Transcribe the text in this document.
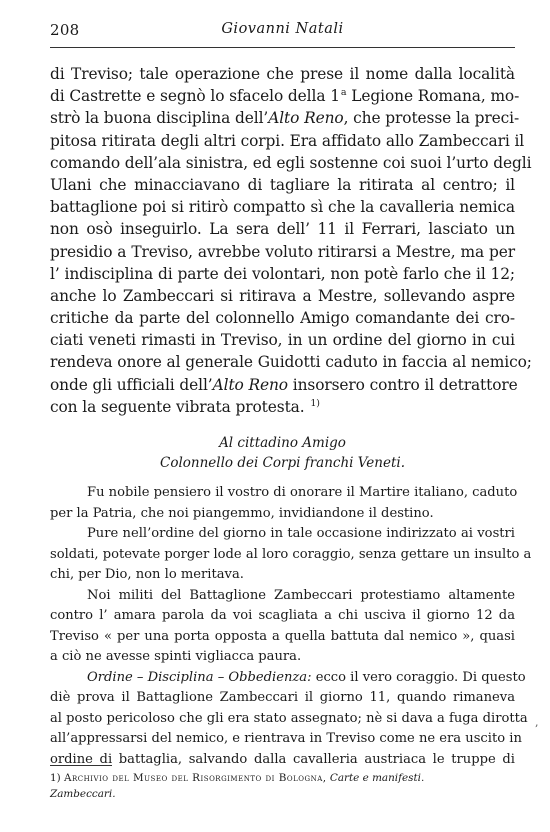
208	Giovanni Natali
di Treviso; tale operazione che prese il nome dalla località
di Castrette e segnò lo sfacelo della 1$^a$ Legione Romana, mo-
strò la buona disciplina dell’Alto Reno, che protesse la preci-
pitosa ritirata degli altri corpi. Era affidato allo Zambeccari il
comando dell’ala sinistra, ed egli sostenne coi suoi l’urto degli
Ulani che minacciavano di tagliare la ritirata al centro; il
battaglione poi si ritirò compatto sì che la cavalleria nemica
non osò inseguirlo. La sera dell’ 11 il Ferrari, lasciato un
presidio a Treviso, avrebbe voluto ritirarsi a Mestre, ma per
l’ indisciplina di parte dei volontari, non potè farlo che il 12;
anche lo Zambeccari si ritirava a Mestre, sollevando aspre
critiche da parte del colonnello Amigo comandante dei cro-
ciati veneti rimasti in Treviso, in un ordine del giorno in cui
rendeva onore al generale Guidotti caduto in faccia al nemico;
onde gli ufficiali dell’Alto Reno insorsero contro il detrattore
con la seguente vibrata protesta. $^{1)}$
Al cittadino Amigo
Colonnello dei Corpi franchi Veneti.
Fu nobile pensiero il vostro di onorare il Martire italiano, caduto
per la Patria, che noi piangemmo, invidiandone il destino.
Pure nell’ordine del giorno in tale occasione indirizzato ai vostri
soldati, potevate porger lode al loro coraggio, senza gettare un insulto a
chi, per Dio, non lo meritava.
Noi militi del Battaglione Zambeccari protestiamo altamente
contro l’ amara parola da voi scagliata a chi usciva il giorno 12 da
Treviso « per una porta opposta a quella battuta dal nemico », quasi
a ciò ne avesse spinti vigliacca paura.
Ordine – Disciplina – Obbedienza: ecco il vero coraggio. Di questo
diè prova il Battaglione Zambeccari il giorno 11, quando rimaneva
al posto pericoloso che gli era stato assegnato; nè si dava a fuga dirotta
all’appressarsi del nemico, e rientrava in Treviso come ne era uscito in
ordine di battaglia, salvando dalla cavalleria austriaca le truppe di
,
1) Archivio del Museo del Risorgimento di Bologna, Carte e manifesti.
Zambeccari.
